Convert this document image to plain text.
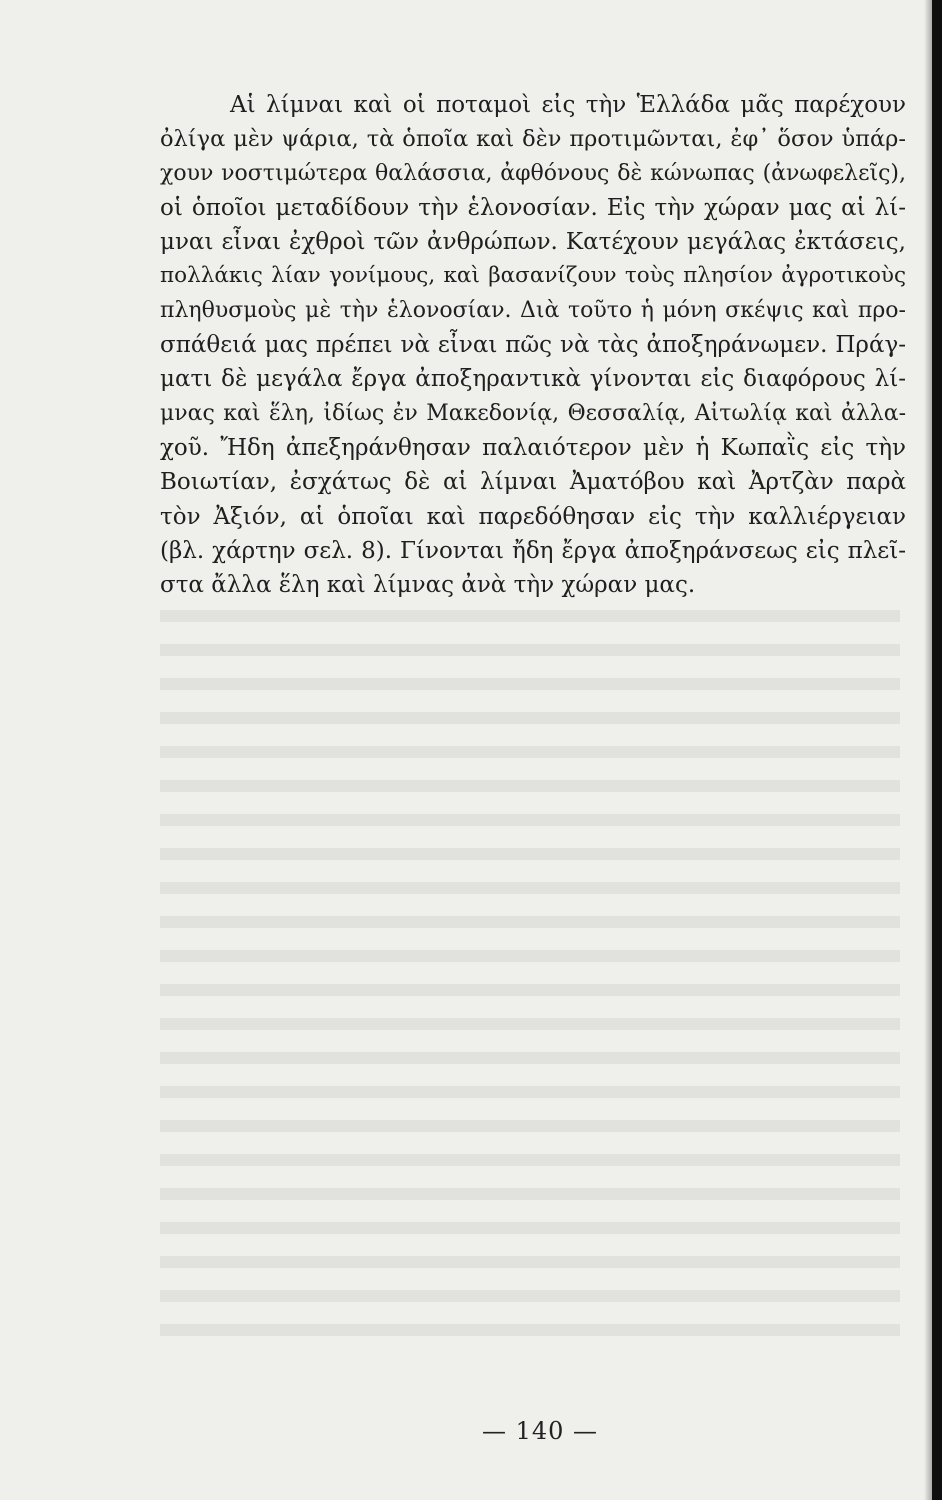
Αἱ λίμναι καὶ οἱ ποταμοὶ εἰς τὴν Ἑλλάδα μᾶς παρέχουν
ὀλίγα μὲν ψάρια, τὰ ὁποῖα καὶ δὲν προτιμῶνται, ἐφ᾽ ὅσον ὑπάρ-
χουν νοστιμώτερα θαλάσσια, ἀφθόνους δὲ κώνωπας (ἀνωφελεῖς),
οἱ ὁποῖοι μεταδίδουν τὴν ἑλονοσίαν. Εἰς τὴν χώραν μας αἱ λί-
μναι εἶναι ἐχθροὶ τῶν ἀνθρώπων. Κατέχουν μεγάλας ἐκτάσεις,
πολλάκις λίαν γονίμους, καὶ βασανίζουν τοὺς πλησίον ἀγροτικοὺς
πληθυσμοὺς μὲ τὴν ἑλονοσίαν. Διὰ τοῦτο ἡ μόνη σκέψις καὶ προ-
σπάθειά μας πρέπει νὰ εἶναι πῶς νὰ τὰς ἀποξηράνωμεν. Πράγ-
ματι δὲ μεγάλα ἔργα ἀποξηραντικὰ γίνονται εἰς διαφόρους λί-
μνας καὶ ἕλη, ἰδίως ἐν Μακεδονίᾳ, Θεσσαλίᾳ, Αἰτωλίᾳ καὶ ἀλλα-
χοῦ. Ἤδη ἀπεξηράνθησαν παλαιότερον μὲν ἡ Κωπαῒς εἰς τὴν
Βοιωτίαν, ἐσχάτως δὲ αἱ λίμναι Ἀματόβου καὶ Ἀρτζὰν παρὰ
τὸν Ἀξιόν, αἱ ὁποῖαι καὶ παρεδόθησαν εἰς τὴν καλλιέργειαν
(βλ. χάρτην σελ. 8). Γίνονται ἤδη ἔργα ἀποξηράνσεως εἰς πλεῖ-
στα ἄλλα ἕλη καὶ λίμνας ἀνὰ τὴν χώραν μας.
— 140 —
